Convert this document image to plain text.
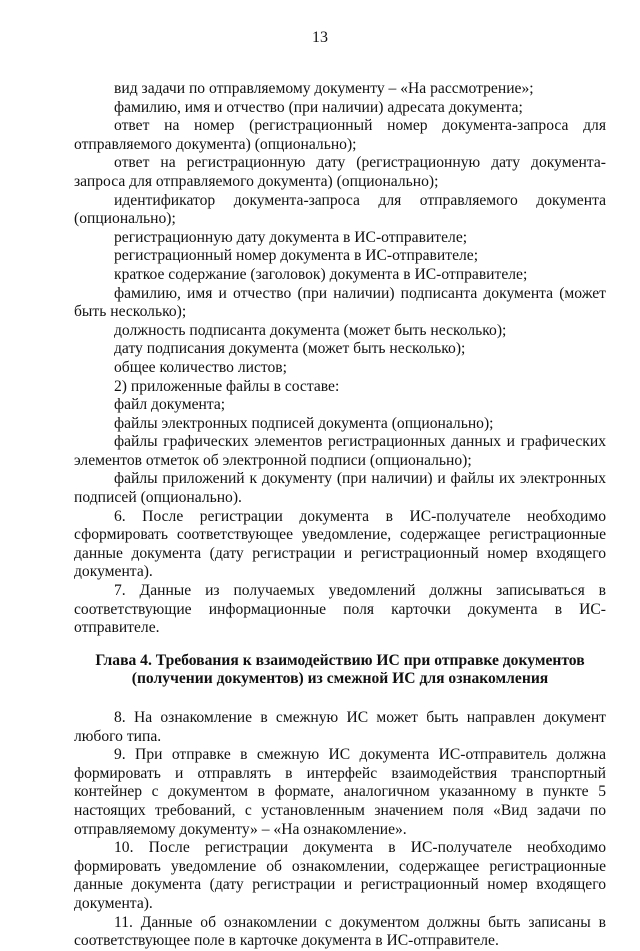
13

вид задачи по отправляемому документу – «На рассмотрение»;

фамилию, имя и отчество (при наличии) адресата документа;

ответ на номер (регистрационный номер документа-запроса для отправляемого документа) (опционально);

ответ на регистрационную дату (регистрационную дату документа-запроса для отправляемого документа) (опционально);

идентификатор документа-запроса для отправляемого документа (опционально);

регистрационную дату документа в ИС-отправителе;

регистрационный номер документа в ИС-отправителе;

краткое содержание (заголовок) документа в ИС-отправителе;

фамилию, имя и отчество (при наличии) подписанта документа (может быть несколько);

должность подписанта документа (может быть несколько);

дату подписания документа (может быть несколько);

общее количество листов;

2) приложенные файлы в составе:

файл документа;

файлы электронных подписей документа (опционально);

файлы графических элементов регистрационных данных и графических элементов отметок об электронной подписи (опционально);

файлы приложений к документу (при наличии) и файлы их электронных подписей (опционально).

6. После регистрации документа в ИС-получателе необходимо сформировать соответствующее уведомление, содержащее регистрационные данные документа (дату регистрации и регистрационный номер входящего документа).

7. Данные из получаемых уведомлений должны записываться в соответствующие информационные поля карточки документа в ИС-отправителе.

Глава 4. Требования к взаимодействию ИС при отправке документов
(получении документов) из смежной ИС для ознакомления

8. На ознакомление в смежную ИС может быть направлен документ любого типа.

9. При отправке в смежную ИС документа ИС-отправитель должна формировать и отправлять в интерфейс взаимодействия транспортный контейнер с документом в формате, аналогичном указанному в пункте 5 настоящих требований, с установленным значением поля «Вид задачи по отправляемому документу» – «На ознакомление».

10. После регистрации документа в ИС-получателе необходимо формировать уведомление об ознакомлении, содержащее регистрационные данные документа (дату регистрации и регистрационный номер входящего документа).

11. Данные об ознакомлении с документом должны быть записаны в соответствующее поле в карточке документа в ИС-отправителе.
